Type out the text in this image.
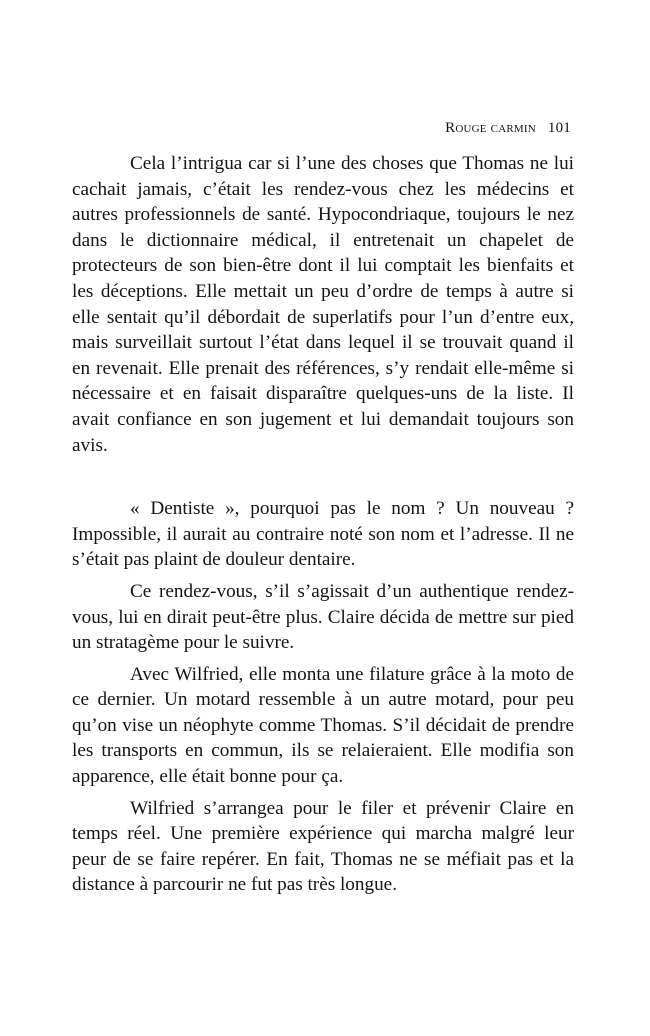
Rouge carmin 101

Cela l’intrigua car si l’une des choses que Thomas ne lui cachait jamais, c’était les rendez-vous chez les médecins et autres professionnels de santé. Hypocondriaque, toujours le nez dans le dictionnaire médical, il entretenait un chapelet de protecteurs de son bien-être dont il lui comptait les bienfaits et les déceptions. Elle mettait un peu d’ordre de temps à autre si elle sentait qu’il débordait de superlatifs pour l’un d’entre eux, mais surveillait surtout l’état dans lequel il se trouvait quand il en revenait. Elle prenait des références, s’y rendait elle-même si nécessaire et en faisait disparaître quelques-uns de la liste. Il avait confiance en son jugement et lui demandait toujours son avis.

« Dentiste », pourquoi pas le nom ? Un nouveau ? Impossible, il aurait au contraire noté son nom et l’adresse. Il ne s’était pas plaint de douleur dentaire.

Ce rendez-vous, s’il s’agissait d’un authentique rendez-vous, lui en dirait peut-être plus. Claire décida de mettre sur pied un stratagème pour le suivre.

Avec Wilfried, elle monta une filature grâce à la moto de ce dernier. Un motard ressemble à un autre motard, pour peu qu’on vise un néophyte comme Thomas. S’il décidait de prendre les transports en commun, ils se relaieraient. Elle modifia son apparence, elle était bonne pour ça.

Wilfried s’arrangea pour le filer et prévenir Claire en temps réel. Une première expérience qui marcha malgré leur peur de se faire repérer. En fait, Thomas ne se méfiait pas et la distance à parcourir ne fut pas très longue.
